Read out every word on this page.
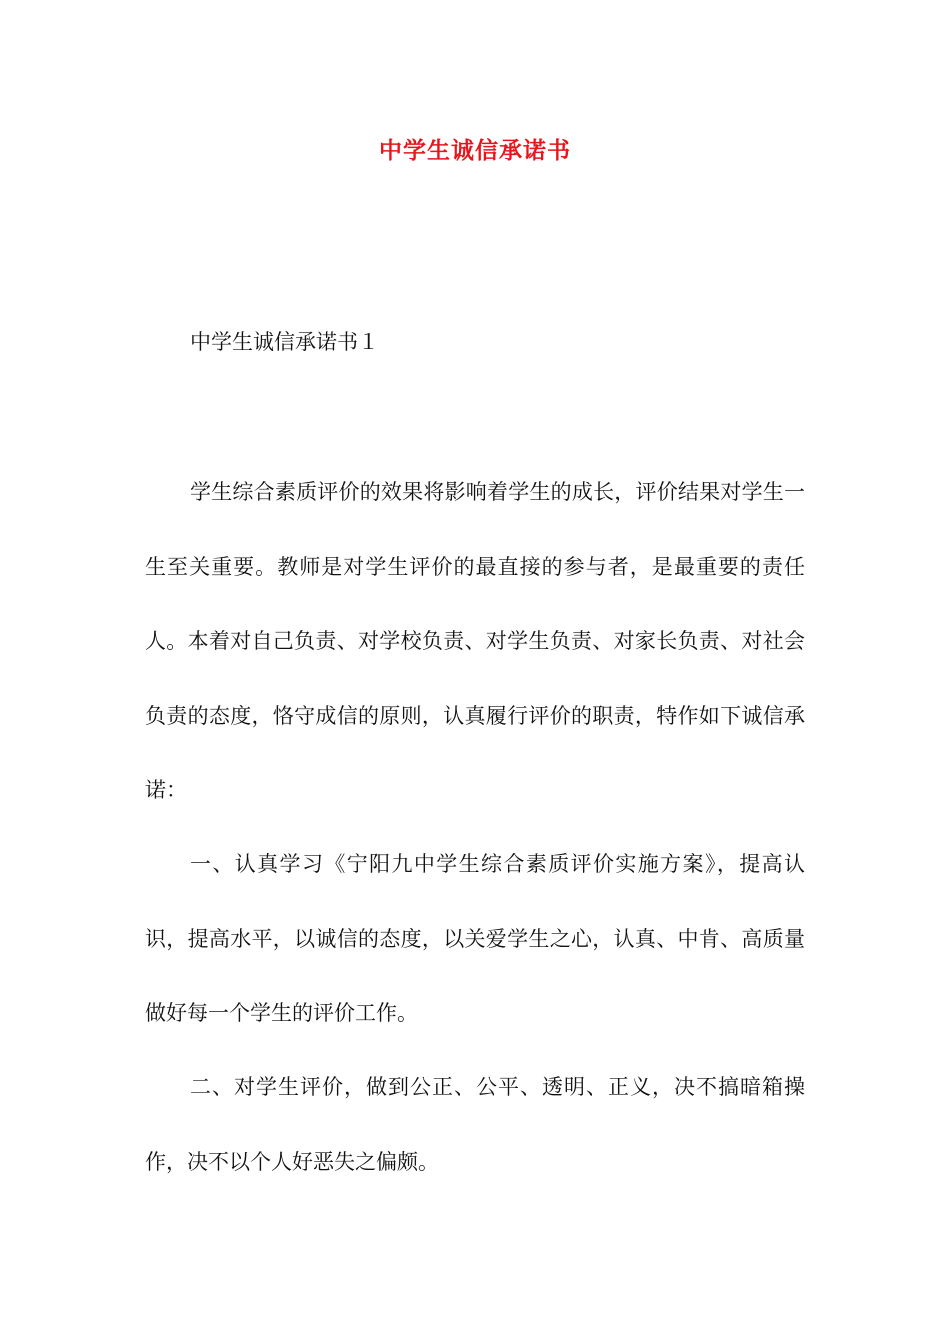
中学生诚信承诺书

中学生诚信承诺书１

学生综合素质评价的效果将影响着学生的成长，评价结果对学生一生至关重要。教师是对学生评价的最直接的参与者，是最重要的责任人。本着对自己负责、对学校负责、对学生负责、对家长负责、对社会负责的态度，恪守成信的原则，认真履行评价的职责，特作如下诚信承诺：

一、认真学习《宁阳九中学生综合素质评价实施方案》，提高认识，提高水平，以诚信的态度，以关爱学生之心，认真、中肯、高质量做好每一个学生的评价工作。

二、对学生评价，做到公正、公平、透明、正义，决不搞暗箱操作，决不以个人好恶失之偏颇。
